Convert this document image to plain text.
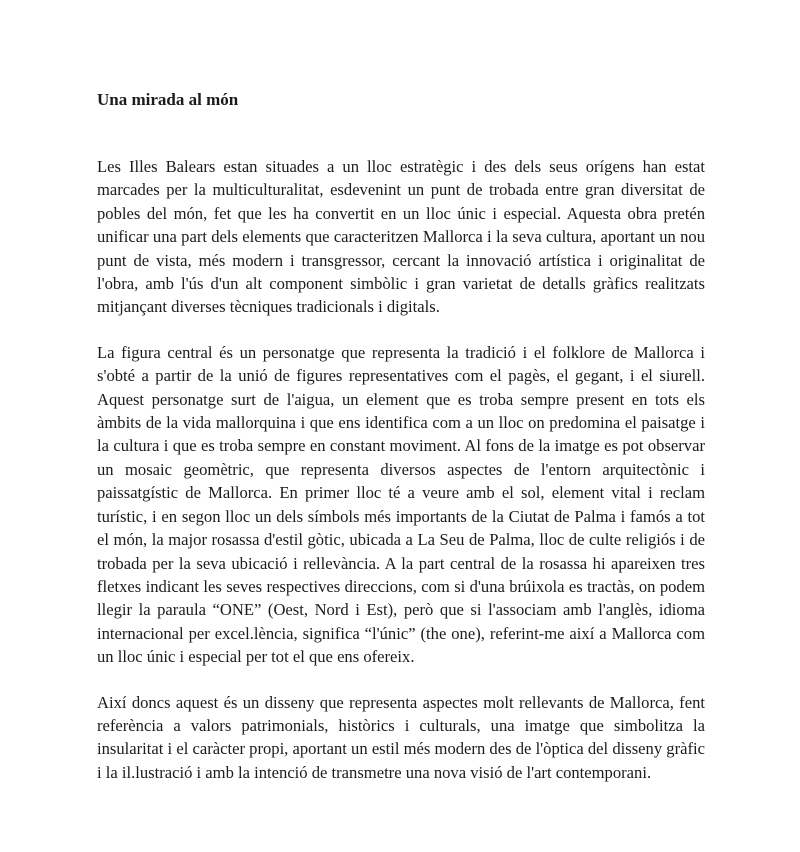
Una mirada al món

Les Illes Balears estan situades a un lloc estratègic i des dels seus orígens han estat marcades per la multiculturalitat, esdevenint un punt de trobada entre gran diversitat de pobles del món, fet que les ha convertit en un lloc únic i especial. Aquesta obra pretén unificar una part dels elements que caracteritzen Mallorca i la seva cultura, aportant un nou punt de vista, més modern i transgressor, cercant la innovació artística i originalitat de l'obra, amb l'ús d'un alt component simbòlic i gran varietat de detalls gràfics realitzats mitjançant diverses tècniques tradicionals i digitals.

La figura central és un personatge que representa la tradició i el folklore de Mallorca i s'obté a partir de la unió de figures representatives com el pagès, el gegant, i el siurell. Aquest personatge surt de l'aigua, un element que es troba sempre present en tots els àmbits de la vida mallorquina i que ens identifica com a un lloc on predomina el paisatge i la cultura i que es troba sempre en constant moviment. Al fons de la imatge es pot observar un mosaic geomètric, que representa diversos aspectes de l'entorn arquitectònic i paissatgístic de Mallorca. En primer lloc té a veure amb el sol, element vital i reclam turístic, i en segon lloc un dels símbols més importants de la Ciutat de Palma i famós a tot el món, la major rosassa d'estil gòtic, ubicada a La Seu de Palma, lloc de culte religiós i de trobada per la seva ubicació i rellevància. A la part central de la rosassa hi apareixen tres fletxes indicant les seves respectives direccions, com si d'una brúixola es tractàs, on podem llegir la paraula “ONE” (Oest, Nord i Est), però que si l'associam amb l'anglès, idioma internacional per excel.lència, significa “l'únic” (the one), referint-me així a Mallorca com un lloc únic i especial per tot el que ens ofereix.

Així doncs aquest és un disseny que representa aspectes molt rellevants de Mallorca, fent referència a valors patrimonials, històrics i culturals, una imatge que simbolitza la insularitat i el caràcter propi, aportant un estil més modern des de l'òptica del disseny gràfic i la il.lustració i amb la intenció de transmetre una nova visió de l'art contemporani.
